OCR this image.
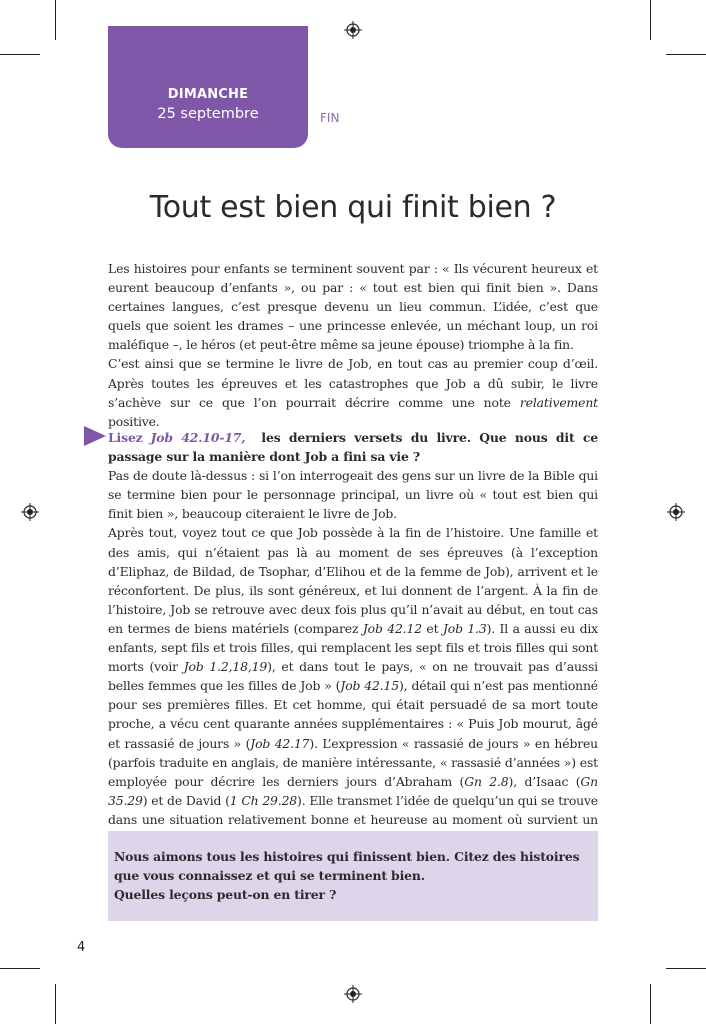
DIMANCHE
25 septembre	FIN
Tout est bien qui finit bien ?

Les histoires pour enfants se terminent souvent par : « Ils vécurent heureux et eurent beaucoup d’enfants », ou par : « tout est bien qui finit bien ». Dans certaines langues, c’est presque devenu un lieu commun. L’idée, c’est que quels que soient les drames – une princesse enlevée, un méchant loup, un roi maléfique –, le héros (et peut-être même sa jeune épouse) triomphe à la fin.

C’est ainsi que se termine le livre de Job, en tout cas au premier coup d’œil. Après toutes les épreuves et les catastrophes que Job a dû subir, le livre s’achève sur ce que l’on pourrait décrire comme une note relativement positive.

Lisez Job 42.10-17, les derniers versets du livre. Que nous dit ce passage sur la manière dont Job a fini sa vie ?

Pas de doute là-dessus : si l’on interrogeait des gens sur un livre de la Bible qui se termine bien pour le personnage principal, un livre où « tout est bien qui finit bien », beaucoup citeraient le livre de Job.

Après tout, voyez tout ce que Job possède à la fin de l’histoire. Une famille et des amis, qui n’étaient pas là au moment de ses épreuves (à l’exception d’Eliphaz, de Bildad, de Tsophar, d’Elihou et de la femme de Job), arrivent et le réconfortent. De plus, ils sont généreux, et lui donnent de l’argent. À la fin de l’histoire, Job se retrouve avec deux fois plus qu’il n’avait au début, en tout cas en termes de biens matériels (comparez Job 42.12 et Job 1.3). Il a aussi eu dix enfants, sept fils et trois filles, qui remplacent les sept fils et trois filles qui sont morts (voir Job 1.2,18,19), et dans tout le pays, « on ne trouvait pas d’aussi belles femmes que les filles de Job » (Job 42.15), détail qui n’est pas mentionné pour ses premières filles. Et cet homme, qui était persuadé de sa mort toute proche, a vécu cent quarante années supplémentaires : « Puis Job mourut, âgé et rassasié de jours » (Job 42.17). L’expression « rassasié de jours » en hébreu (parfois traduite en anglais, de manière intéressante, « rassasié d’années ») est employée pour décrire les derniers jours d’Abraham (Gn 2.8), d’Isaac (Gn 35.29) et de David (1 Ch 29.28). Elle transmet l’idée de quelqu’un qui se trouve dans une situation relativement bonne et heureuse au moment où survient un

Nous aimons tous les histoires qui finissent bien. Citez des histoires que vous connaissez et qui se terminent bien.

Quelles leçons peut-on en tirer ?

4
